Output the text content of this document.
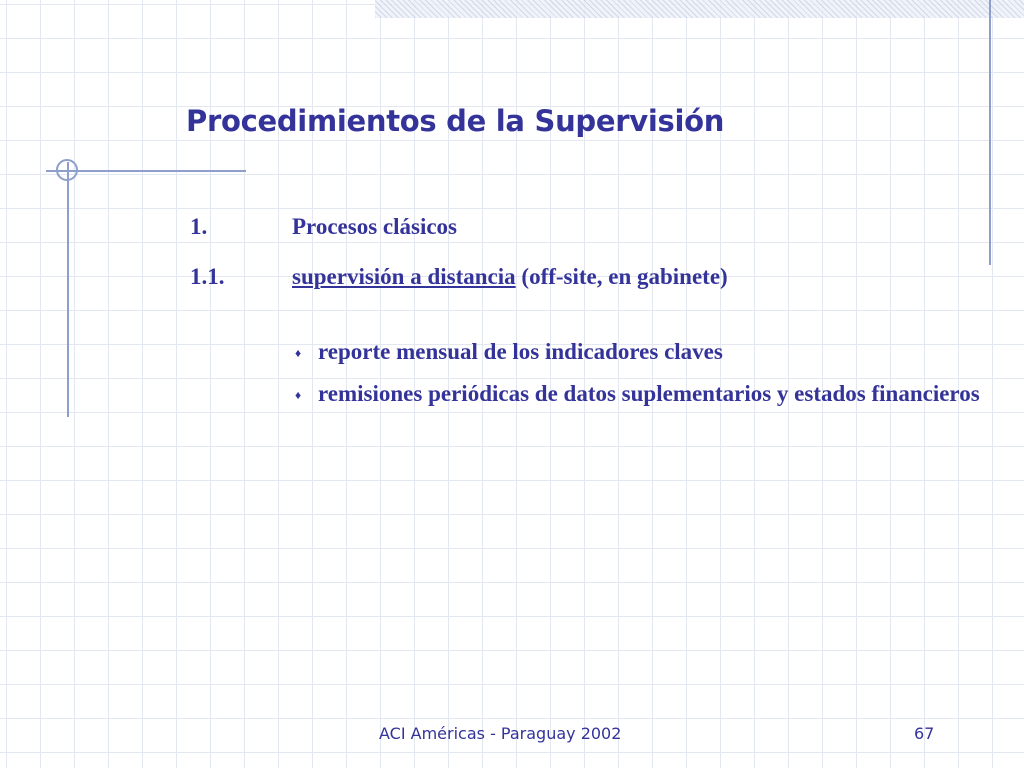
Procedimientos de la Supervisión
1.	Procesos clásicos
1.1.	supervisión a distancia (off-site, en gabinete)
♦ reporte mensual de los indicadores claves
♦ remisiones periódicas de datos suplementarios y estados financieros
ACI Américas - Paraguay 2002	67
